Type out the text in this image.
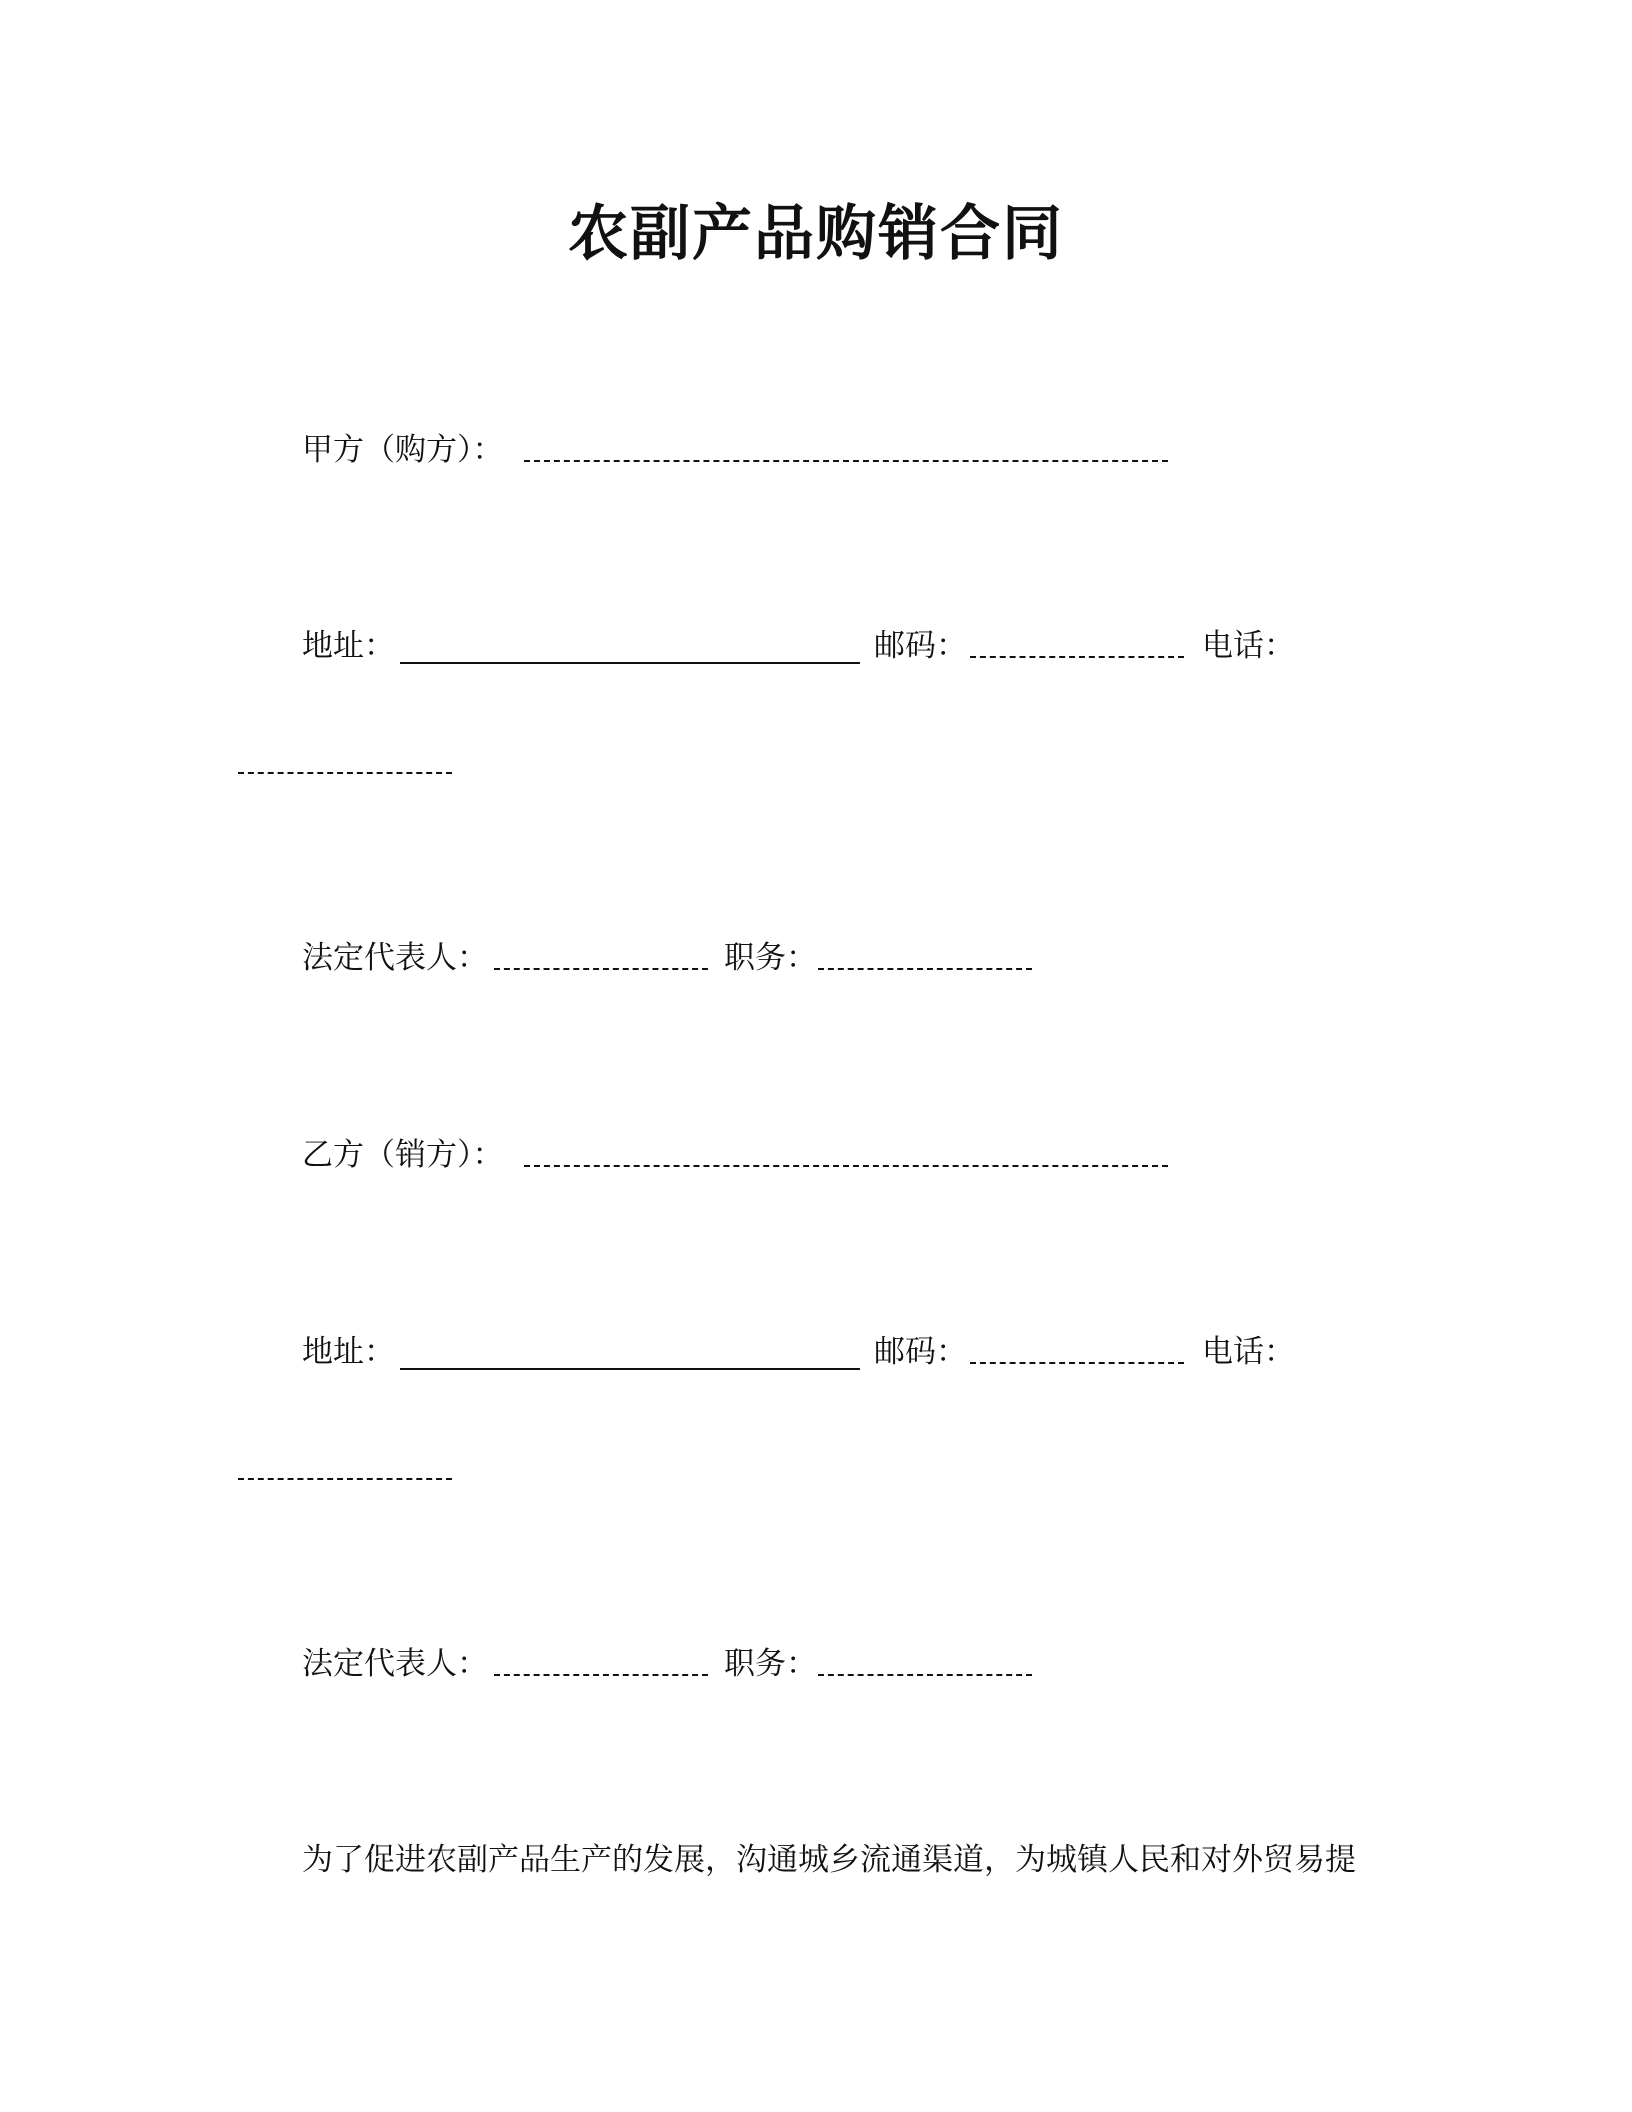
农副产品购销合同
甲方（购方）：
地址：	邮码：	电话：
法定代表人：	职务：
乙方（销方）：
地址：	邮码：	电话：
法定代表人：	职务：
为了促进农副产品生产的发展，沟通城乡流通渠道，为城镇人民和对外贸易提
